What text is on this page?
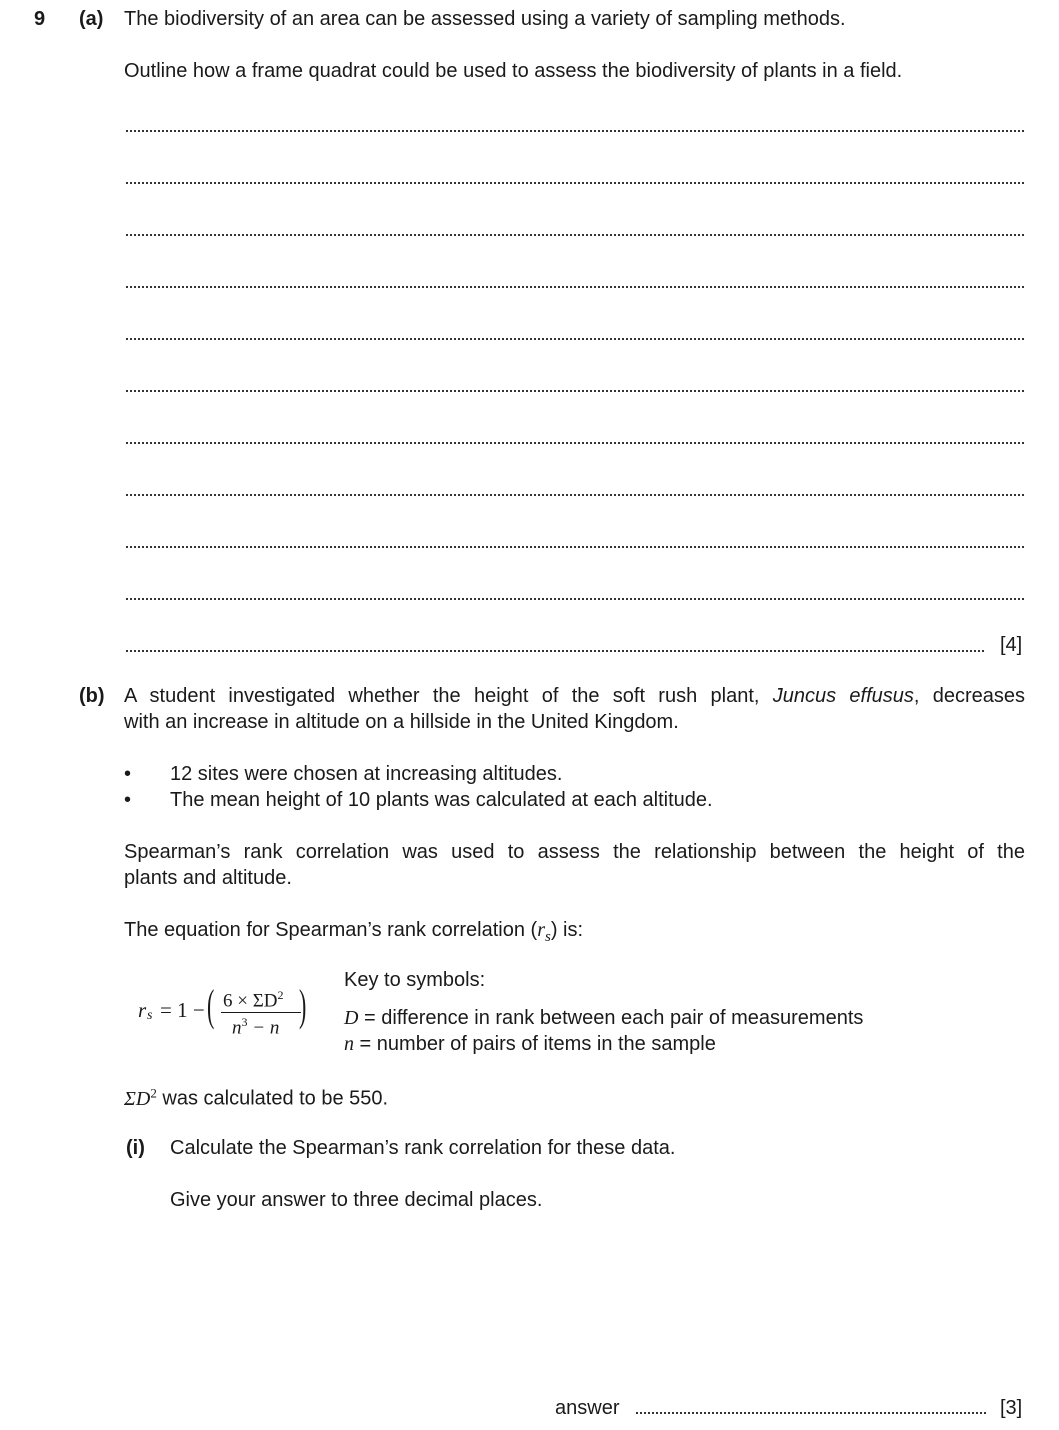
9 (a) The biodiversity of an area can be assessed using a variety of sampling methods.
Outline how a frame quadrat could be used to assess the biodiversity of plants in a field.
[4]
(b) A student investigated whether the height of the soft rush plant, Juncus effusus, decreases
with an increase in altitude on a hillside in the United Kingdom.
• 12 sites were chosen at increasing altitudes.
• The mean height of 10 plants was calculated at each altitude.
Spearman’s rank correlation was used to assess the relationship between the height of the
plants and altitude.
The equation for Spearman’s rank correlation $(r_s)$ is:
r s = 1 − ( $6 \times \Sigma D^2$
$n^3 - n$ )
Key to symbols:
D = difference in rank between each pair of measurements
n = number of pairs of items in the sample
$\Sigma D^2$ was calculated to be 550.
(i) Calculate the Spearman’s rank correlation for these data.
Give your answer to three decimal places.
answer	[3]
